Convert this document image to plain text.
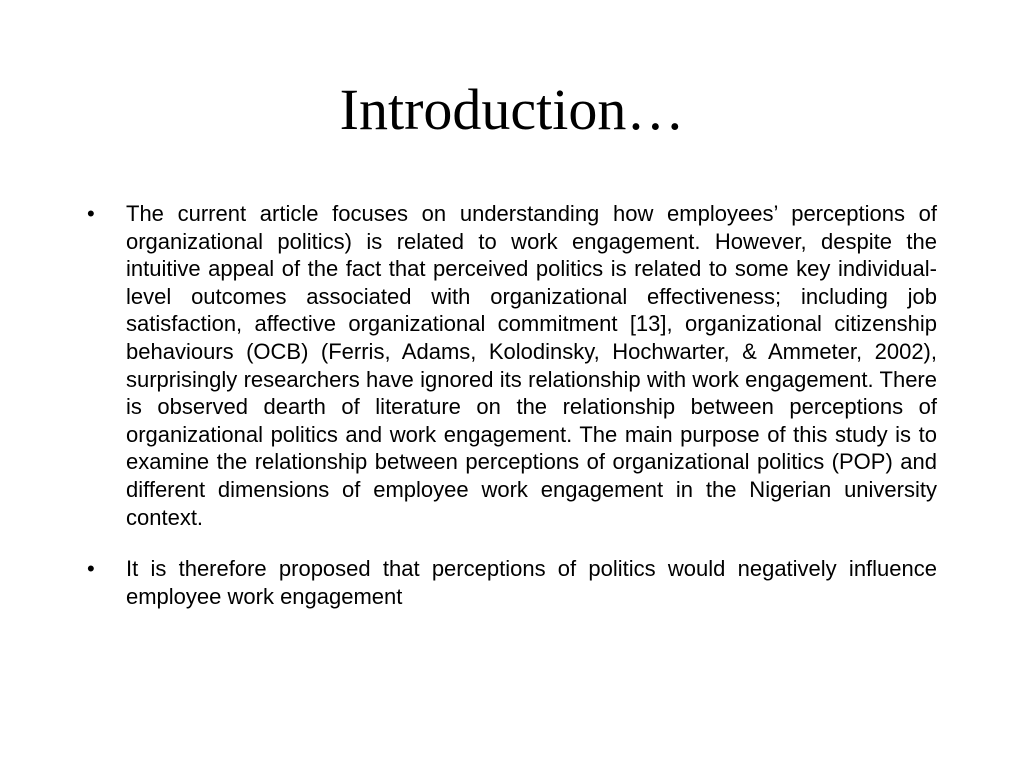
Introduction…
•	The current article focuses on understanding how employees’ perceptions of organizational politics) is related to work engagement. However, despite the intuitive appeal of the fact that perceived politics is related to some key individual-level outcomes associated with organizational effectiveness; including job satisfaction, affective organizational commitment [13], organizational citizenship behaviours (OCB) (Ferris, Adams, Kolodinsky, Hochwarter, & Ammeter, 2002), surprisingly researchers have ignored its relationship with work engagement. There is observed dearth of literature on the relationship between perceptions of organizational politics and work engagement. The main purpose of this study is to examine the relationship between perceptions of organizational politics (POP) and different dimensions of employee work engagement in the Nigerian university context.
•	It is therefore proposed that perceptions of politics would negatively influence employee work engagement
